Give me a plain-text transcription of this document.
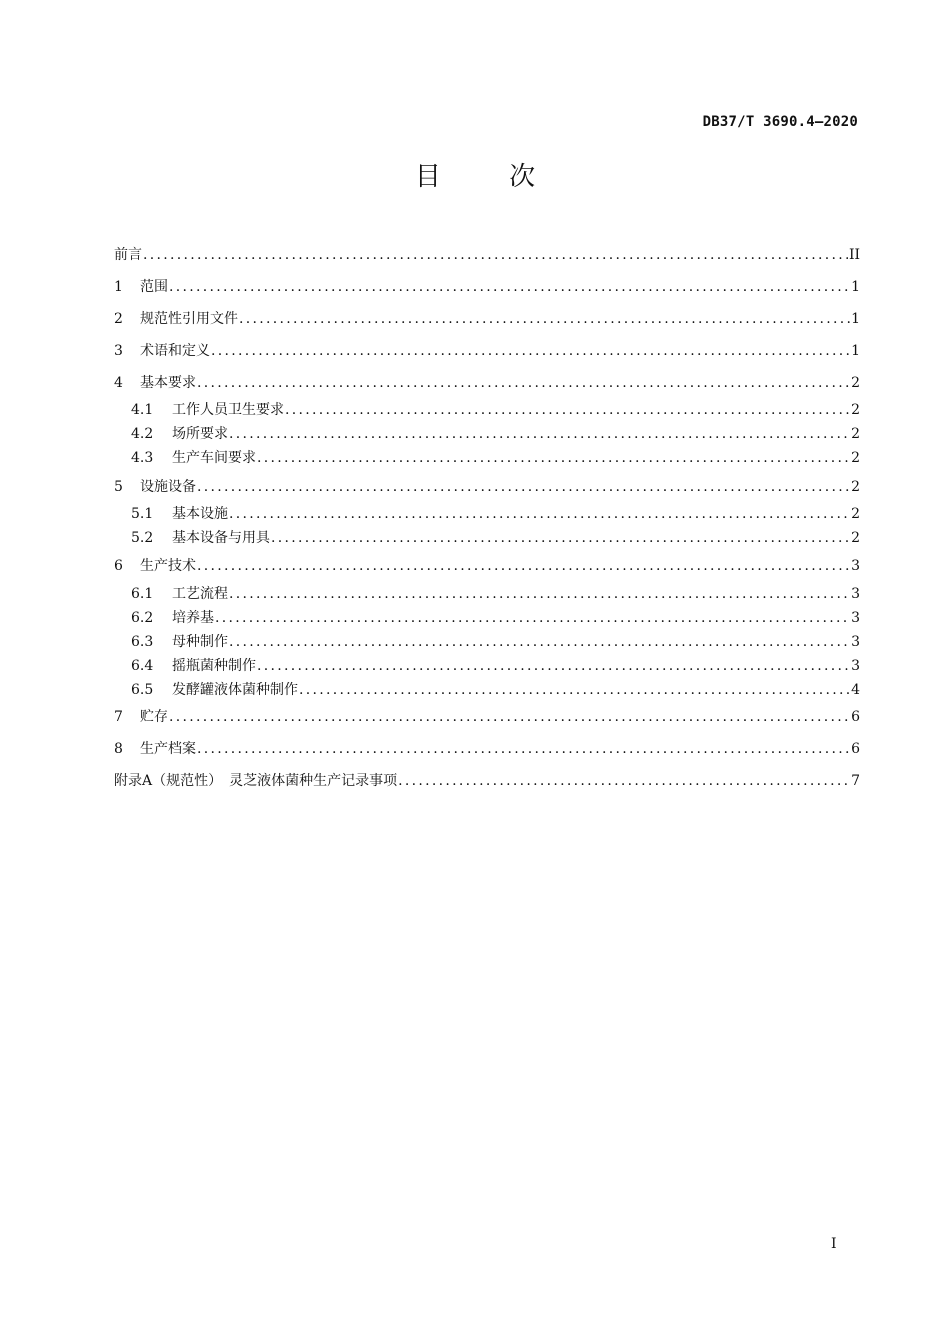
DB37/T 3690.4—2020
目 次
前言 .....	II
1	范围 .....	1
2	规范性引用文件 .....	1
3	术语和定义 .....	1
4	基本要求 .....	2
4.1	工作人员卫生要求 .....	2
4.2	场所要求 .....	2
4.3	生产车间要求 .....	2
5	设施设备 .....	2
5.1	基本设施 .....	2
5.2	基本设备与用具 .....	2
6	生产技术 .....	3
6.1	工艺流程 .....	3
6.2	培养基 .....	3
6.3	母种制作 .....	3
6.4	摇瓶菌种制作 .....	3
6.5	发酵罐液体菌种制作 .....	4
7	贮存 .....	6
8	生产档案 .....	6
附录A（规范性）　灵芝液体菌种生产记录事项 .....	7
I
